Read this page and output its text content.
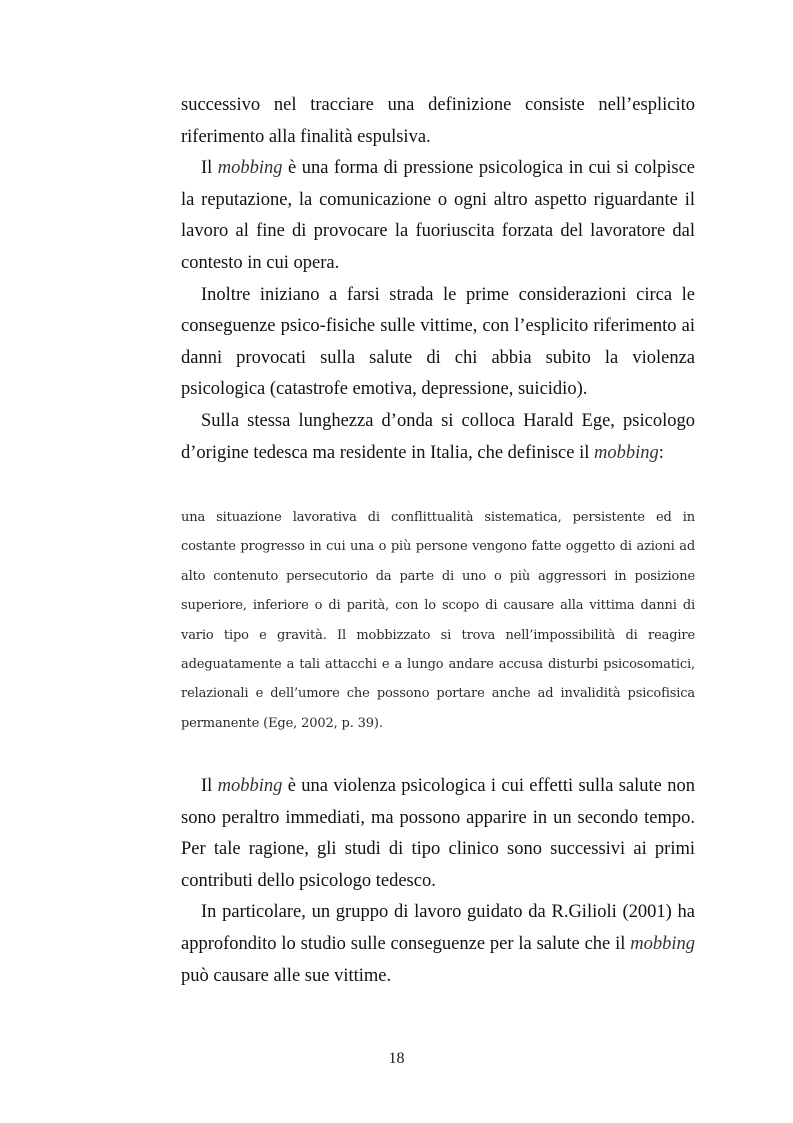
successivo nel tracciare una definizione consiste nell’esplicito riferimento alla finalità espulsiva.

Il mobbing è una forma di pressione psicologica in cui si colpisce la reputazione, la comunicazione o ogni altro aspetto riguardante il lavoro al fine di provocare la fuoriuscita forzata del lavoratore dal contesto in cui opera.

Inoltre iniziano a farsi strada le prime considerazioni circa le conseguenze psico-fisiche sulle vittime, con l’esplicito riferimento ai danni provocati sulla salute di chi abbia subito la violenza psicologica (catastrofe emotiva, depressione, suicidio).

Sulla stessa lunghezza d’onda si colloca Harald Ege, psicologo d’origine tedesca ma residente in Italia, che definisce il mobbing:

una situazione lavorativa di conflittualità sistematica, persistente ed in costante progresso in cui una o più persone vengono fatte oggetto di azioni ad alto contenuto persecutorio da parte di uno o più aggressori in posizione superiore, inferiore o di parità, con lo scopo di causare alla vittima danni di vario tipo e gravità. Il mobbizzato si trova nell’impossibilità di reagire adeguatamente a tali attacchi e a lungo andare accusa disturbi psicosomatici, relazionali e dell’umore che possono portare anche ad invalidità psicofisica permanente (Ege, 2002, p. 39).

Il mobbing è una violenza psicologica i cui effetti sulla salute non sono peraltro immediati, ma possono apparire in un secondo tempo. Per tale ragione, gli studi di tipo clinico sono successivi ai primi contributi dello psicologo tedesco.

In particolare, un gruppo di lavoro guidato da R.Gilioli (2001) ha approfondito lo studio sulle conseguenze per la salute che il mobbing può causare alle sue vittime.

18
